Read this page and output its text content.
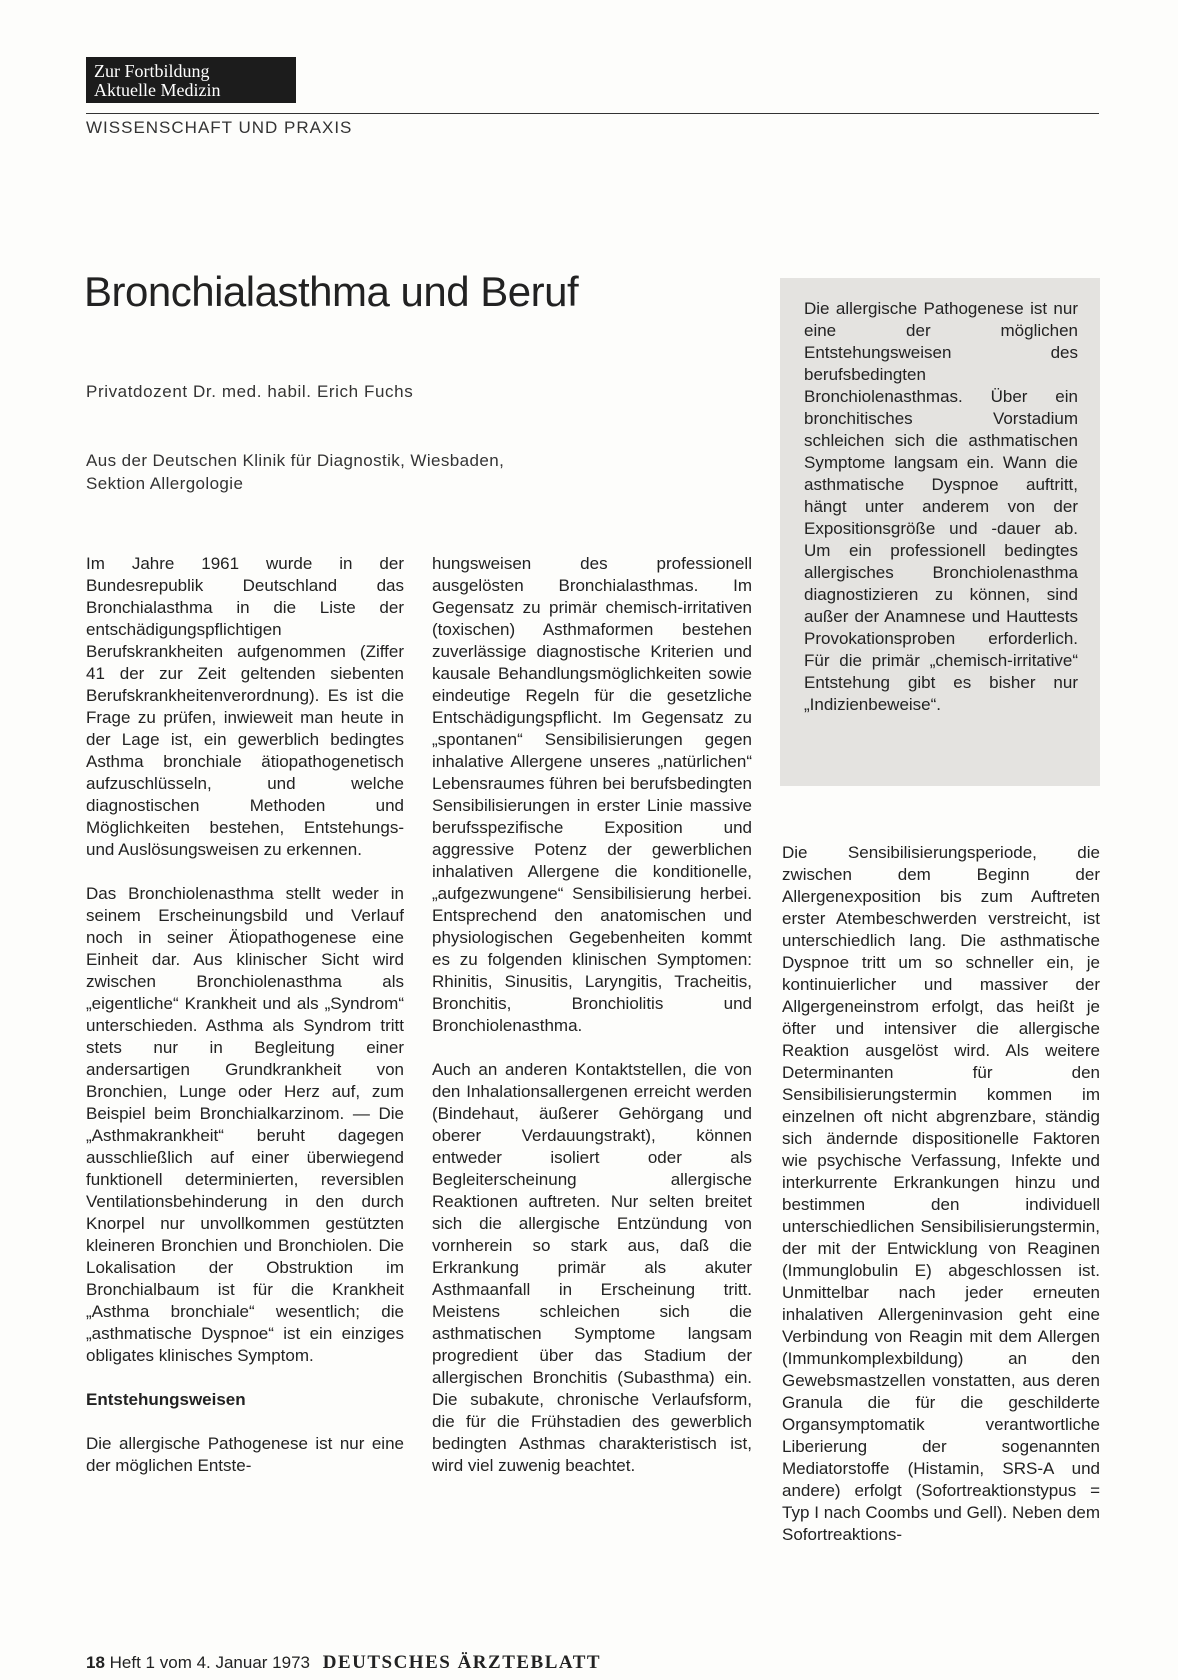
Zur Fortbildung
Aktuelle Medizin
WISSENSCHAFT UND PRAXIS
Bronchialasthma und Beruf
Privatdozent Dr. med. habil. Erich Fuchs
Aus der Deutschen Klinik für Diagnostik, Wiesbaden,
Sektion Allergologie
Die allergische Pathogenese ist nur eine der möglichen Entstehungsweisen des berufsbedingten Bronchiolenasthmas. Über ein bronchitisches Vorstadium schleichen sich die asthmatischen Symptome langsam ein. Wann die asthmatische Dyspnoe auftritt, hängt unter anderem von der Expositionsgröße und -dauer ab. Um ein professionell bedingtes allergisches Bronchiolenasthma diagnostizieren zu können, sind außer der Anamnese und Hauttests Provokationsproben erforderlich. Für die primär „chemisch-irritative“ Entstehung gibt es bisher nur „Indizienbeweise“.

Im Jahre 1961 wurde in der Bundesrepublik Deutschland das Bronchialasthma in die Liste der entschädigungspflichtigen Berufskrankheiten aufgenommen (Ziffer 41 der zur Zeit geltenden siebenten Berufskrankheitenverordnung). Es ist die Frage zu prüfen, inwieweit man heute in der Lage ist, ein gewerblich bedingtes Asthma bronchiale ätiopathogenetisch aufzuschlüsseln, und welche diagnostischen Methoden und Möglichkeiten bestehen, Entstehungs- und Auslösungsweisen zu erkennen.

Das Bronchiolenasthma stellt weder in seinem Erscheinungsbild und Verlauf noch in seiner Ätiopathogenese eine Einheit dar. Aus klinischer Sicht wird zwischen Bronchiolenasthma als „eigentliche“ Krankheit und als „Syndrom“ unterschieden. Asthma als Syndrom tritt stets nur in Begleitung einer andersartigen Grundkrankheit von Bronchien, Lunge oder Herz auf, zum Beispiel beim Bronchialkarzinom. — Die „Asthmakrankheit“ beruht dagegen ausschließlich auf einer überwiegend funktionell determinierten, reversiblen Ventilationsbehinderung in den durch Knorpel nur unvollkommen gestützten kleineren Bronchien und Bronchiolen. Die Lokalisation der Obstruktion im Bronchialbaum ist für die Krankheit „Asthma bronchiale“ wesentlich; die „asthmatische Dyspnoe“ ist ein einziges obligates klinisches Symptom.

Entstehungsweisen

Die allergische Pathogenese ist nur eine der möglichen Entste-

hungsweisen des professionell ausgelösten Bronchialasthmas. Im Gegensatz zu primär chemisch-irritativen (toxischen) Asthmaformen bestehen zuverlässige diagnostische Kriterien und kausale Behandlungsmöglichkeiten sowie eindeutige Regeln für die gesetzliche Entschädigungspflicht. Im Gegensatz zu „spontanen“ Sensibilisierungen gegen inhalative Allergene unseres „natürlichen“ Lebensraumes führen bei berufsbedingten Sensibilisierungen in erster Linie massive berufsspezifische Exposition und aggressive Potenz der gewerblichen inhalativen Allergene die konditionelle, „aufgezwungene“ Sensibilisierung herbei. Entsprechend den anatomischen und physiologischen Gegebenheiten kommt es zu folgenden klinischen Symptomen: Rhinitis, Sinusitis, Laryngitis, Tracheitis, Bronchitis, Bronchiolitis und Bronchiolenasthma.

Auch an anderen Kontaktstellen, die von den Inhalationsallergenen erreicht werden (Bindehaut, äußerer Gehörgang und oberer Verdauungstrakt), können entweder isoliert oder als Begleiterscheinung allergische Reaktionen auftreten. Nur selten breitet sich die allergische Entzündung von vornherein so stark aus, daß die Erkrankung primär als akuter Asthmaanfall in Erscheinung tritt. Meistens schleichen sich die asthmatischen Symptome langsam progredient über das Stadium der allergischen Bronchitis (Subasthma) ein. Die subakute, chronische Verlaufsform, die für die Frühstadien des gewerblich bedingten Asthmas charakteristisch ist, wird viel zuwenig beachtet.

Die Sensibilisierungsperiode, die zwischen dem Beginn der Allergenexposition bis zum Auftreten erster Atembeschwerden verstreicht, ist unterschiedlich lang. Die asthmatische Dyspnoe tritt um so schneller ein, je kontinuierlicher und massiver der Allgergeneinstrom erfolgt, das heißt je öfter und intensiver die allergische Reaktion ausgelöst wird. Als weitere Determinanten für den Sensibilisierungstermin kommen im einzelnen oft nicht abgrenzbare, ständig sich ändernde dispositionelle Faktoren wie psychische Verfassung, Infekte und interkurrente Erkrankungen hinzu und bestimmen den individuell unterschiedlichen Sensibilisierungstermin, der mit der Entwicklung von Reaginen (Immunglobulin E) abgeschlossen ist. Unmittelbar nach jeder erneuten inhalativen Allergeninvasion geht eine Verbindung von Reagin mit dem Allergen (Immunkomplexbildung) an den Gewebsmastzellen vonstatten, aus deren Granula die für die geschilderte Organsymptomatik verantwortliche Liberierung der sogenannten Mediatorstoffe (Histamin, SRS-A und andere) erfolgt (Sofortreaktionstypus = Typ I nach Coombs und Gell). Neben dem Sofortreaktions-

18 Heft 1 vom 4. Januar 1973 DEUTSCHES ÄRZTEBLATT
